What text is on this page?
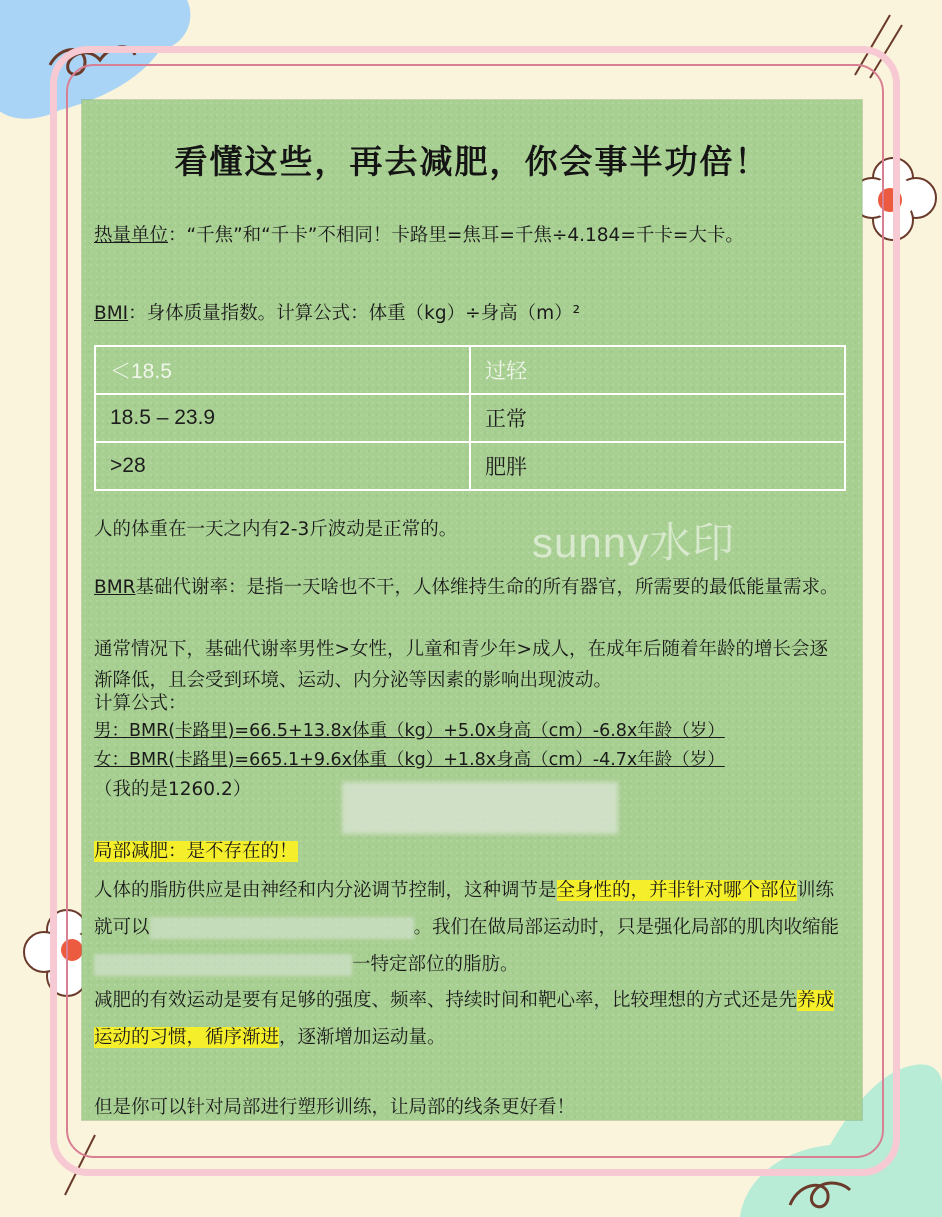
看懂这些，再去减肥，你会事半功倍！
热量单位：“千焦”和“千卡”不相同！卡路里=焦耳=千焦÷4.184=千卡=大卡。
BMI：身体质量指数。计算公式：体重（kg）÷身高（m）²
＜18.5	过轻
18.5 – 23.9	正常
>28	肥胖
人的体重在一天之内有2-3斤波动是正常的。	sunny水印
BMR基础代谢率：是指一天啥也不干，人体维持生命的所有器官，所需要的最低能量需求。
通常情况下，基础代谢率男性>女性，儿童和青少年>成人，在成年后随着年龄的增长会逐渐降低，且会受到环境、运动、内分泌等因素的影响出现波动。
计算公式：
男：BMR(卡路里)=66.5+13.8x体重（kg）+5.0x身高（cm）-6.8x年龄（岁）
女：BMR(卡路里)=665.1+9.6x体重（kg）+1.8x身高（cm）-4.7x年龄（岁）
（我的是1260.2）
局部减肥：是不存在的！
人体的脂肪供应是由神经和内分泌调节控制，这种调节是全身性的，并非针对哪个部位训练就可以	。我们在做局部运动时，只是强化局部的肌肉收缩能一特定部位的脂肪。
减肥的有效运动是要有足够的强度、频率、持续时间和靶心率，比较理想的方式还是先养成运动的习惯，循序渐进，逐渐增加运动量。
但是你可以针对局部进行塑形训练，让局部的线条更好看！
